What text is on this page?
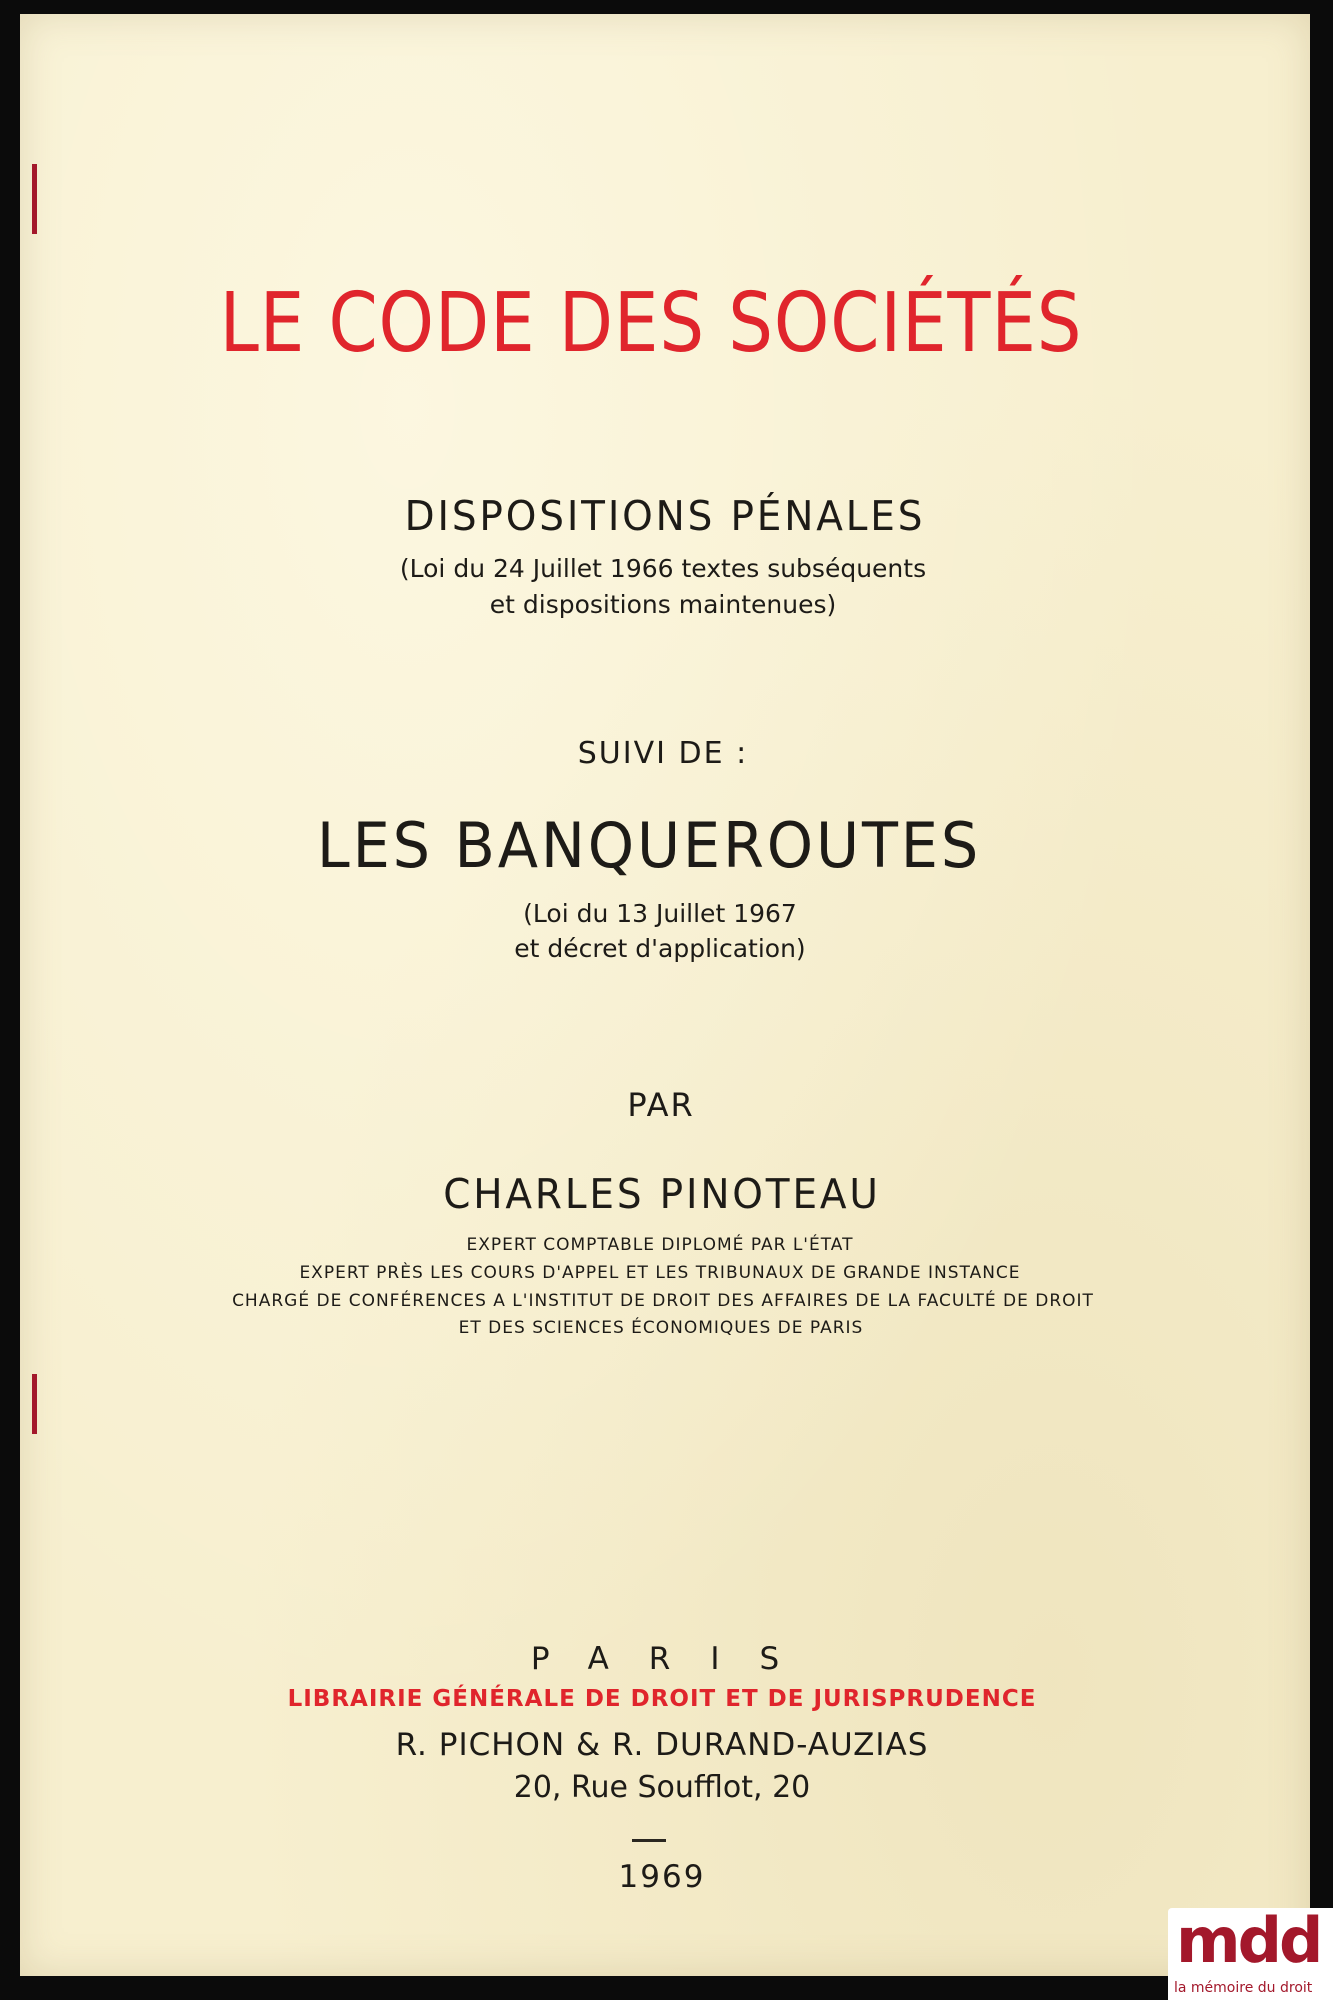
LE CODE DES SOCIÉTÉS
DISPOSITIONS PÉNALES
(Loi du 24 Juillet 1966 textes subséquents
et dispositions maintenues)
SUIVI DE :
LES BANQUEROUTES
(Loi du 13 Juillet 1967
et décret d'application)
PAR
CHARLES PINOTEAU
EXPERT COMPTABLE DIPLOMÉ PAR L'ÉTAT
EXPERT PRÈS LES COURS D'APPEL ET LES TRIBUNAUX DE GRANDE INSTANCE
CHARGÉ DE CONFÉRENCES A L'INSTITUT DE DROIT DES AFFAIRES DE LA FACULTÉ DE DROIT
ET DES SCIENCES ÉCONOMIQUES DE PARIS
PARIS
LIBRAIRIE GÉNÉRALE DE DROIT ET DE JURISPRUDENCE
R. PICHON & R. DURAND-AUZIAS
20, Rue Soufflot, 20
1969
mdd
la mémoire du droit
